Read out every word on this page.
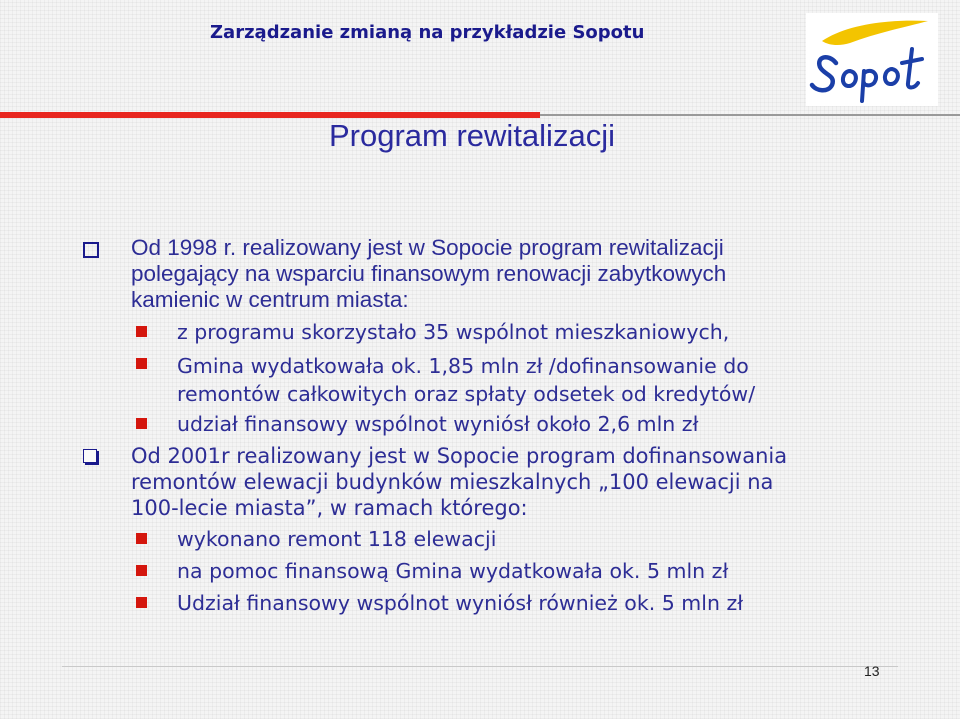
Zarządzanie zmianą na przykładzie Sopotu
Sopot
Program rewitalizacji
Od 1998 r. realizowany jest w Sopocie program rewitalizacji
polegający na wsparciu finansowym renowacji zabytkowych
kamienic w centrum miasta:
z programu skorzystało 35 wspólnot mieszkaniowych,
Gmina wydatkowała ok. 1,85 mln zł /dofinansowanie do
remontów całkowitych oraz spłaty odsetek od kredytów/
udział finansowy wspólnot wyniósł około 2,6 mln zł
Od 2001r realizowany jest w Sopocie program dofinansowania
remontów elewacji budynków mieszkalnych „100 elewacji na
100-lecie miasta”, w ramach którego:
wykonano remont 118 elewacji
na pomoc finansową Gmina wydatkowała ok. 5 mln zł
Udział finansowy wspólnot wyniósł również ok. 5 mln zł
13
